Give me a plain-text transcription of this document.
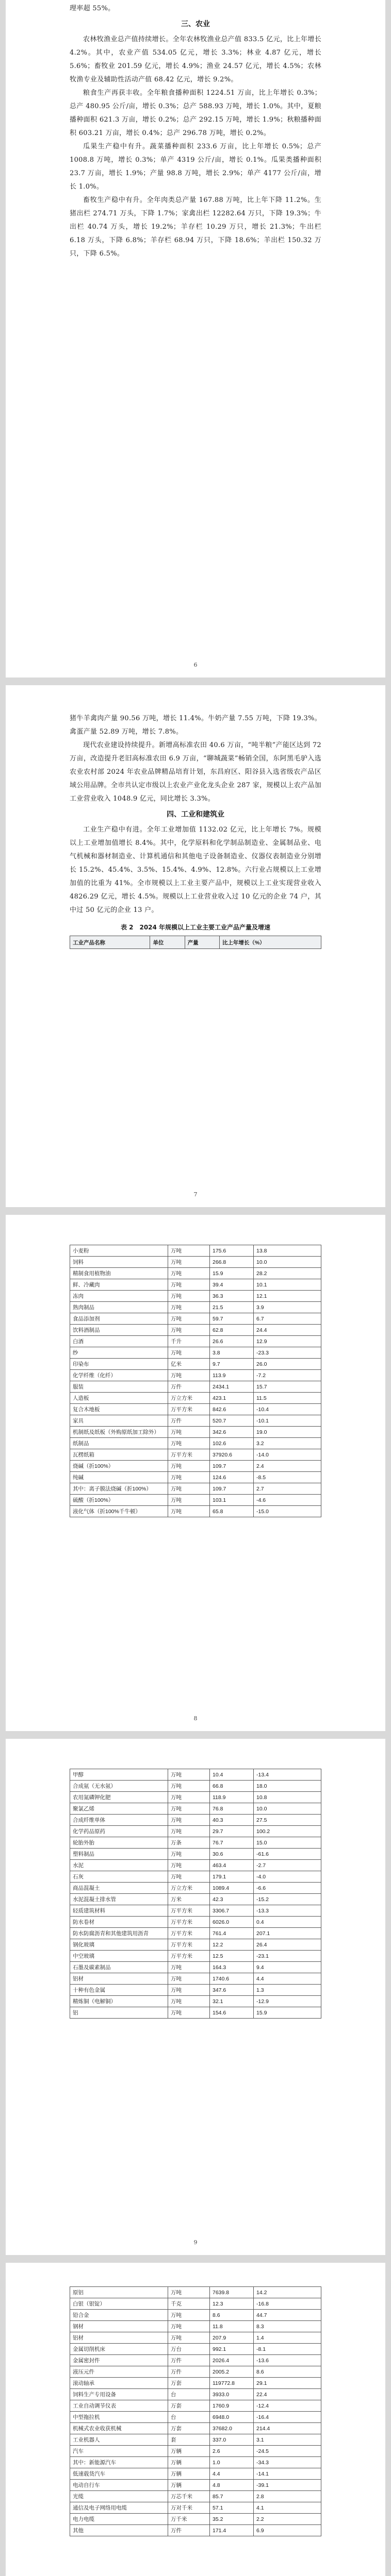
理率超 55%。

三、农业

农林牧渔业总产值持续增长。全年农林牧渔业总产值 833.5 亿元，比上年增长 4.2%。其中，农业产值 534.05 亿元，增长 3.3%；林业 4.87 亿元，增长 5.6%；畜牧业 201.59 亿元，增长 4.9%；渔业 24.57 亿元，增长 4.5%；农林牧渔专业及辅助性活动产值 68.42 亿元，增长 9.2%。

粮食生产再获丰收。全年粮食播种面积 1224.51 万亩，比上年增长 0.3%；总产 480.95 公斤/亩，增长 0.3%；总产 588.93 万吨，增长 1.0%。其中，夏粮播种面积 621.3 万亩，增长 0.2%；总产 292.15 万吨，增长 1.9%；秋粮播种面积 603.21 万亩，增长 0.4%；总产 296.78 万吨，增长 0.2%。

瓜果生产稳中有升。蔬菜播种面积 233.6 万亩，比上年增长 0.5%；总产 1008.8 万吨，增长 0.3%；单产 4319 公斤/亩，增长 0.1%。瓜果类播种面积 23.7 万亩，增长 1.9%；产量 98.8 万吨，增长 2.9%；单产 4177 公斤/亩，增长 1.0%。

畜牧生产稳中有升。全年肉类总产量 167.88 万吨，比上年下降 11.2%。生猪出栏 274.71 万头，下降 1.7%；家禽出栏 12282.64 万只，下降 19.3%；牛出栏 40.74 万头，增长 19.2%；羊存栏 10.29 万只，增长 21.3%；牛出栏 6.18 万头，下降 6.8%；羊存栏 68.94 万只，下降 18.6%；羊出栏 150.32 万只，下降 6.5%。

6

猪牛羊禽肉产量 90.56 万吨，增长 11.4%。牛奶产量 7.55 万吨，下降 19.3%。禽蛋产量 52.89 万吨，增长 7.8%。

现代农业建设持续提升。新增高标准农田 40.6 万亩，“吨半粮”产能区达到 72 万亩，改造提升老旧高标准农田 6.9 万亩，“聊城蔬菜”畅销全国，东阿黑毛驴入选农业农村部 2024 年农业品牌精品培育计划，东昌府区、阳谷县入选省级农产品区域公用品牌。全市共认定市级以上农业产业化龙头企业 287 家，规模以上农产品加工业营业收入 1048.9 亿元，同比增长 3.3%。

四、工业和建筑业

工业生产稳中有进。全年工业增加值 1132.02 亿元，比上年增长 7%。规模以上工业增加值增长 8.4%。其中，化学原料和化学制品制造业、金属制品业、电气机械和器材制造业、计算机通信和其他电子设备制造业、仪器仪表制造业分别增长 15.2%、45.4%、3.5%、15.4%、4.9%、12.8%。六行业占规模以上工业增加值的比重为 41%。全市规模以上工业主要产品中，规模以上工业实现营业收入 4826.29 亿元，增长 4.5%。规模以上工业营业收入过 10 亿元的企业 74 户，其中过 50 亿元的企业 13 户。

表 2　2024 年规模以上工业主要工业产品产量及增速
工业产品名称	单位	产量	比上年增长（%）
7
小麦粉	万吨	175.6	13.8
饲料	万吨	266.8	10.0
精制食用植物油	万吨	15.9	28.2
鲜、冷藏肉	万吨	39.4	10.1
冻肉	万吨	36.3	12.1
熟肉制品	万吨	21.5	3.9
食品添加剂	万吨	59.7	6.7
饮料酒制品	万吨	62.8	24.4
白酒	千升	26.6	12.9
纱	万吨	3.8	-23.3
印染布	亿米	9.7	26.0
化学纤维（化纤）	万吨	113.9	-7.2
服装	万件	2434.1	15.7
人造板	万立方米	423.1	11.5
复合木地板	万平方米	842.6	-10.4
家具	万件	520.7	-10.1
机制纸及纸板（外购原纸加工除外）	万吨	342.6	19.0
纸制品	万吨	102.6	3.2
瓦楞纸箱	万平方米	37920.6	-14.0
烧碱（折100%）	万吨	109.7	2.4
纯碱	万吨	124.6	-8.5
其中：离子膜法烧碱（折100%）	万吨	109.7	2.7
硫酸（折100%）	万吨	103.1	-4.6
液化气体（折100%千牛顿）	万吨	65.8	-15.0
8
甲醇	万吨	10.4	-13.4
合成氨（无水氨）	万吨	66.8	18.0
农用氮磷钾化肥	万吨	118.9	10.8
聚氯乙烯	万吨	76.8	10.0
合成纤维单体	万吨	40.3	27.5
化学药品原药	万吨	29.7	100.2
轮胎外胎	万条	76.7	15.0
塑料制品	万吨	30.6	-61.6
水泥	万吨	463.4	-2.7
石灰	万吨	179.1	-4.0
商品混凝土	万立方米	1089.4	-6.6
水泥混凝土排水管	万米	42.3	-15.2
轻质建筑材料	万平方米	3306.7	-13.3
防水卷材	万平方米	6026.0	0.4
防水防腐沥青和其他建筑用沥青	万平方米	761.4	207.1
钢化玻璃	万平方米	12.2	26.4
中空玻璃	万平方米	12.5	-23.1
石墨及碳素制品	万吨	164.3	9.4
铝材	万吨	1740.6	4.4
十种有色金属	万吨	347.6	1.3
精炼铜（电解铜）	万吨	32.1	-12.9
铝	万吨	154.6	15.9
9
原铝	万吨	7639.8	14.2
白银（银锭）	千克	12.3	-16.8
铅合金	万吨	8.6	44.7
钢材	万吨	11.8	8.3
铝材	万吨	207.9	1.4
金属切削机床	万台	992.1	-8.1
金属密封件	万件	2026.4	-13.6
液压元件	万件	2005.2	8.6
滚动轴承	万套	119772.8	29.1
饲料生产专用设备	台	3933.0	22.4
工业自动调节仪表	万套	1760.9	-12.4
中型拖拉机	台	6948.0	-16.4
机械式农业收获机械	万套	37682.0	214.4
工业机器人	套	337.0	3.1
汽车	万辆	2.6	-24.5
其中：新能源汽车	万辆	1.0	-34.3
低速载货汽车	万辆	4.4	-14.1
电动自行车	万辆	4.8	-39.1
光缆	万芯千米	85.7	2.8
通信及电子网络用电缆	万对千米	57.1	4.1
电力电缆	万千米	35.2	2.2
其他	万件	171.4	6.9
